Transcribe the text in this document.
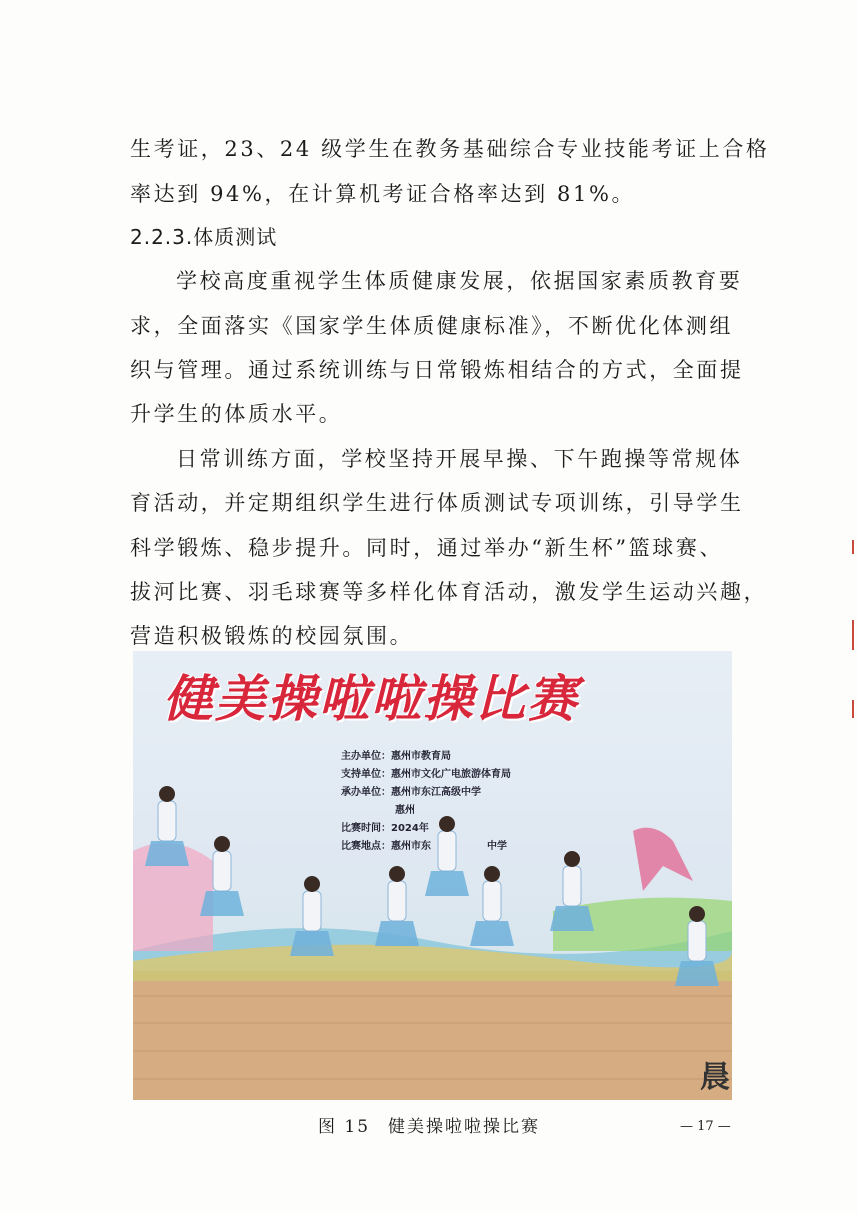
生考证，23、24 级学生在教务基础综合专业技能考证上合格
率达到 94%，在计算机考证合格率达到 81%。
2.2.3.体质测试
学校高度重视学生体质健康发展，依据国家素质教育要
求，全面落实《国家学生体质健康标准》，不断优化体测组
织与管理。通过系统训练与日常锻炼相结合的方式，全面提
升学生的体质水平。
日常训练方面，学校坚持开展早操、下午跑操等常规体
育活动，并定期组织学生进行体质测试专项训练，引导学生
科学锻炼、稳步提升。同时，通过举办“新生杯”篮球赛、
拔河比赛、羽毛球赛等多样化体育活动，激发学生运动兴趣，
营造积极锻炼的校园氛围。
健美操啦啦操比赛
主办单位：惠州市教育局
支持单位：惠州市文化广电旅游体育局
承办单位：惠州市东江高级中学
惠州
比赛时间：2024年
比赛地点：惠州市东	中学
晨
图 15 健美操啦啦操比赛	— 17 —
